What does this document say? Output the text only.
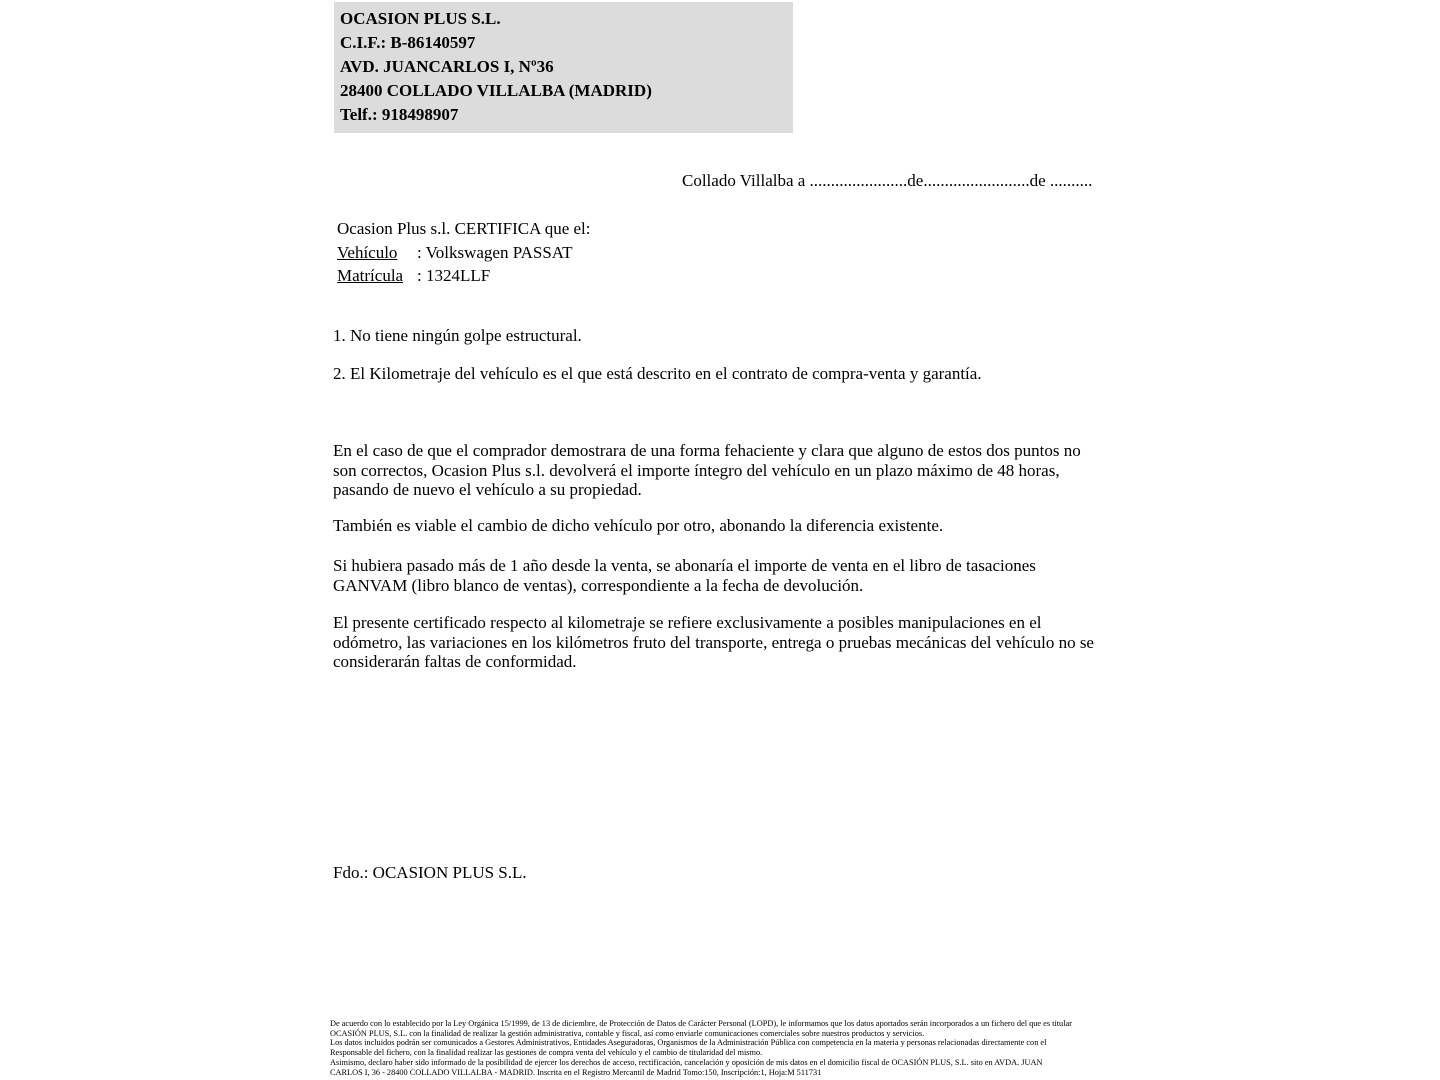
OCASION PLUS S.L.
C.I.F.: B-86140597
AVD. JUANCARLOS I, Nº36
28400 COLLADO VILLALBA (MADRID)
Telf.: 918498907
Collado Villalba a .......................de.........................de ..........
Ocasion Plus s.l. CERTIFICA que el:
Vehículo : Volkswagen PASSAT
Matrícula : 1324LLF
1. No tiene ningún golpe estructural.
2. El Kilometraje del vehículo es el que está descrito en el contrato de compra-venta y garantía.
En el caso de que el comprador demostrara de una forma fehaciente y clara que alguno de estos dos puntos no son correctos, Ocasion Plus s.l. devolverá el importe íntegro del vehículo en un plazo máximo de 48 horas, pasando de nuevo el vehículo a su propiedad.
También es viable el cambio de dicho vehículo por otro, abonando la diferencia existente.
Si hubiera pasado más de 1 año desde la venta, se abonaría el importe de venta en el libro de tasaciones GANVAM (libro blanco de ventas), correspondiente a la fecha de devolución.
El presente certificado respecto al kilometraje se refiere exclusivamente a posibles manipulaciones en el odómetro, las variaciones en los kilómetros fruto del transporte, entrega o pruebas mecánicas del vehículo no se considerarán faltas de conformidad.
Fdo.: OCASION PLUS S.L.
De acuerdo con lo establecido por la Ley Orgánica 15/1999, de 13 de diciembre, de Protección de Datos de Carácter Personal (LOPD), le informamos que los datos aportados serán incorporados a un fichero del que es titular
OCASIÓN PLUS, S.L. con la finalidad de realizar la gestión administrativa, contable y fiscal, así como enviarle comunicaciones comerciales sobre nuestros productos y servicios.
Los datos incluidos podrán ser comunicados a Gestores Administrativos, Entidades Aseguradoras, Organismos de la Administración Pública con competencia en la materia y personas relacionadas directamente con el
Responsable del fichero, con la finalidad realizar las gestiones de compra venta del vehículo y el cambio de titularidad del mismo.
Asimismo, declaro haber sido informado de la posibilidad de ejercer los derechos de acceso, rectificación, cancelación y oposición de mis datos en el domicilio fiscal de OCASIÓN PLUS, S.L. sito en AVDA. JUAN
CARLOS I, 36 - 28400 COLLADO VILLALBA - MADRID. Inscrita en el Registro Mercantil de Madrid Tomo:150, Inscripción:1, Hoja:M 511731
